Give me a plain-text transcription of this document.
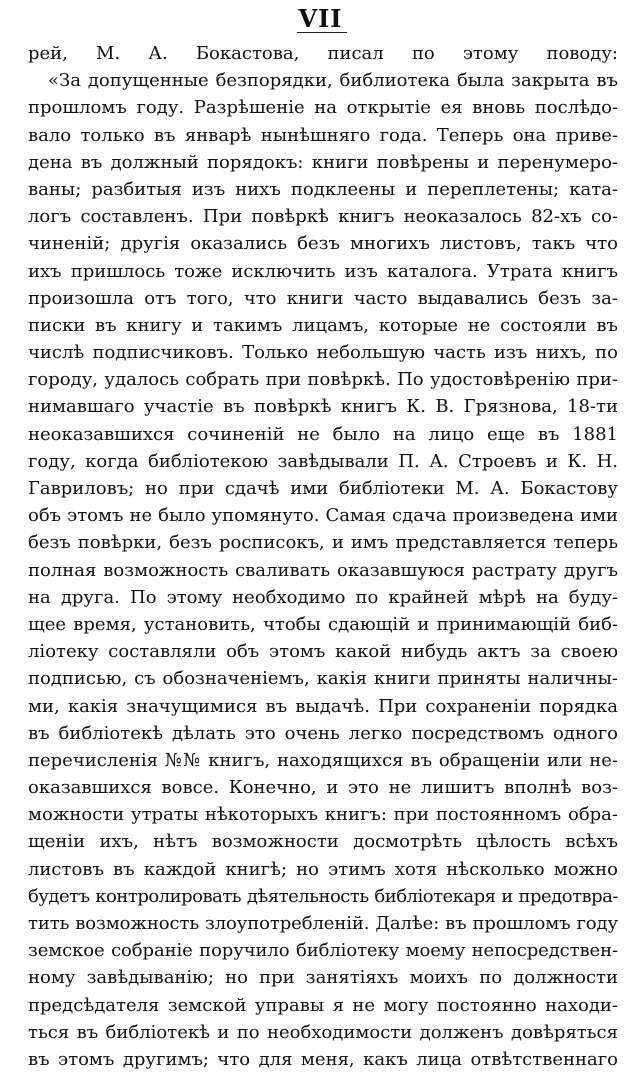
VII
рей, М. А. Бокастова, писал по этому поводу:
«За допущенные безпорядки, библиотека была закрыта въ
прошломъ году. Разрѣшеніе на открытіе ея вновь послѣдо-
вало только въ январѣ нынѣшняго года. Теперь она приве-
дена въ должный порядокъ: книги повѣрены и перенумеро-
ваны; разбитыя изъ нихъ подклеены и переплетены; ката-
логъ составленъ. При повѣркѣ книгъ неоказалось 82-хъ со-
чиненій; другія оказались безъ многихъ листовъ, такъ что
ихъ пришлось тоже исключить изъ каталога. Утрата книгъ
произошла отъ того, что книги часто выдавались безъ за-
писки въ книгу и такимъ лицамъ, которые не состояли въ
числѣ подписчиковъ. Только небольшую часть изъ нихъ, по
городу, удалось собрать при повѣркѣ. По удостовѣренію при-
нимавшаго участіе въ повѣркѣ книгъ К. В. Грязнова, 18-ти
неоказавшихся сочиненій не было на лицо еще въ 1881
году, когда библіотекою завѣдывали П. А. Строевъ и К. Н.
Гавриловъ; но при сдачѣ ими библіотеки М. А. Бокастову
объ этомъ не было упомянуто. Самая сдача произведена ими
безъ повѣрки, безъ росписокъ, и имъ представляется теперь
полная возможность сваливать оказавшуюся растрату другъ
на друга. По этому необходимо по крайней мѣрѣ на буду-
щее время, установить, чтобы сдающій и принимающій биб-
ліотеку составляли объ этомъ какой нибудь актъ за своею
подписью, съ обозначеніемъ, какія книги приняты наличны-
ми, какія значущимися въ выдачѣ. При сохраненіи порядка
въ библіотекѣ дѣлать это очень легко посредствомъ одного
перечисленія №№ книгъ, находящихся въ обращеніи или не-
оказавшихся вовсе. Конечно, и это не лишитъ вполнѣ воз-
можности утраты нѣкоторыхъ книгъ: при постоянномъ обра-
щеніи ихъ, нѣтъ возможности досмотрѣть цѣлость всѣхъ
листовъ въ каждой книгѣ; но этимъ хотя нѣсколько можно
будетъ контролировать дѣятельность библіотекаря и предотвра-
тить возможность злоупотребленій. Далѣе: въ прошломъ году
земское собраніе поручило библіотеку моему непосредствен-
ному завѣдыванію; но при занятіяхъ моихъ по должности
предсѣдателя земской управы я не могу постоянно находи-
ться въ библіотекѣ и по необходимости долженъ довѣряться
въ этомъ другимъ; что для меня, какъ лица отвѣтственнаго
